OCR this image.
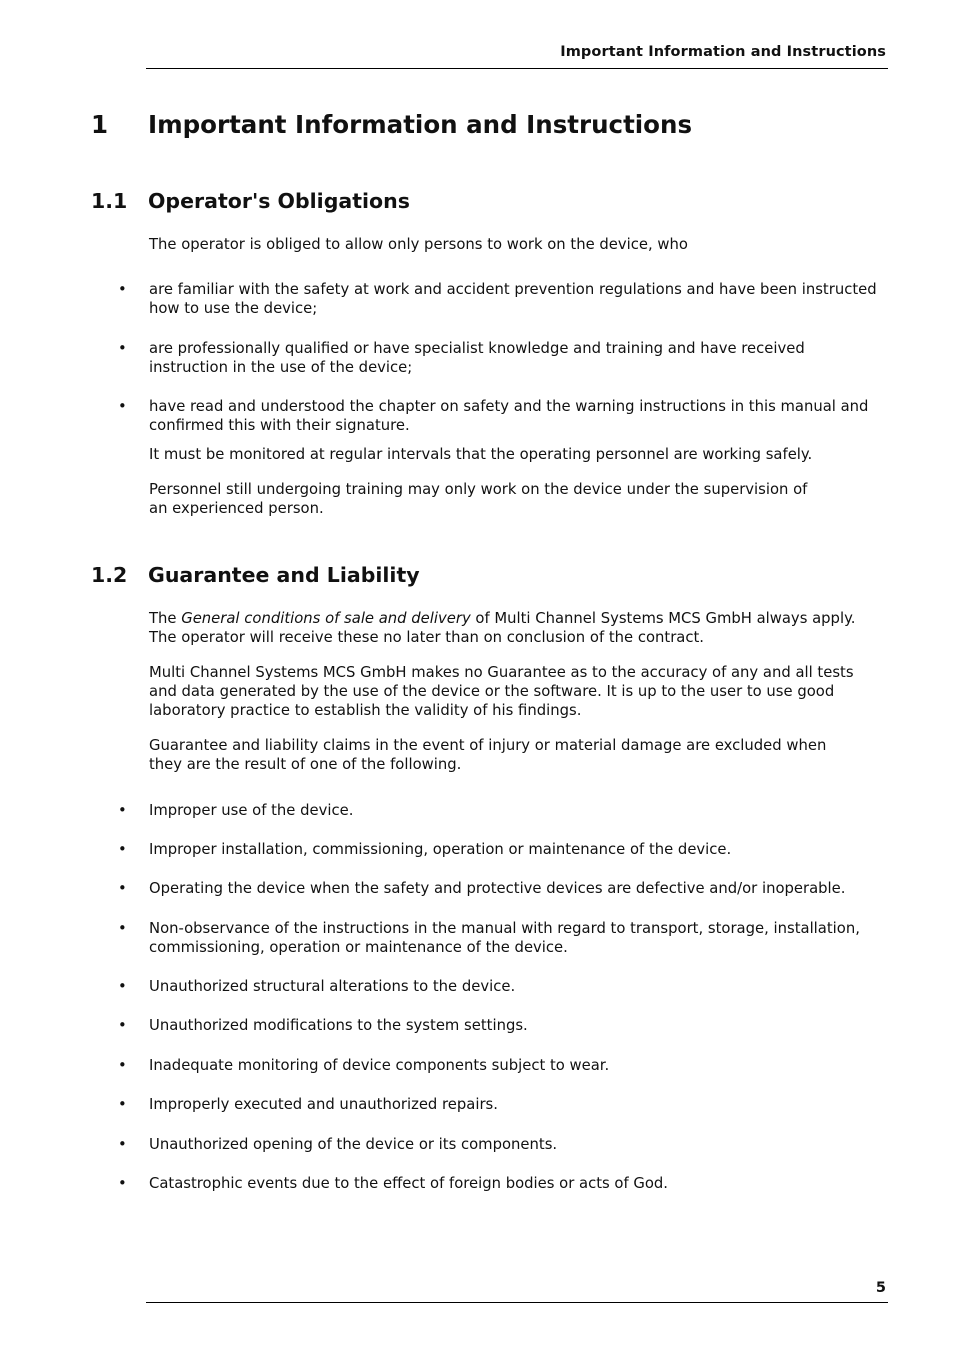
Important Information and Instructions
1 Important Information and Instructions
1.1 Operator's Obligations

The operator is obliged to allow only persons to work on the device, who

• are familiar with the safety at work and accident prevention regulations and have been instructed how to use the device;
• are professionally qualified or have specialist knowledge and training and have received instruction in the use of the device;
• have read and understood the chapter on safety and the warning instructions in this manual and confirmed this with their signature.

It must be monitored at regular intervals that the operating personnel are working safely.

Personnel still undergoing training may only work on the device under the supervision of an experienced person.

1.2 Guarantee and Liability

The General conditions of sale and delivery of Multi Channel Systems MCS GmbH always apply. The operator will receive these no later than on conclusion of the contract.

Multi Channel Systems MCS GmbH makes no Guarantee as to the accuracy of any and all tests and data generated by the use of the device or the software. It is up to the user to use good laboratory practice to establish the validity of his findings.

Guarantee and liability claims in the event of injury or material damage are excluded when they are the result of one of the following.

• Improper use of the device.
• Improper installation, commissioning, operation or maintenance of the device.
• Operating the device when the safety and protective devices are defective and/or inoperable.
• Non-observance of the instructions in the manual with regard to transport, storage, installation, commissioning, operation or maintenance of the device.
• Unauthorized structural alterations to the device.
• Unauthorized modifications to the system settings.
• Inadequate monitoring of device components subject to wear.
• Improperly executed and unauthorized repairs.
• Unauthorized opening of the device or its components.
• Catastrophic events due to the effect of foreign bodies or acts of God.
5
